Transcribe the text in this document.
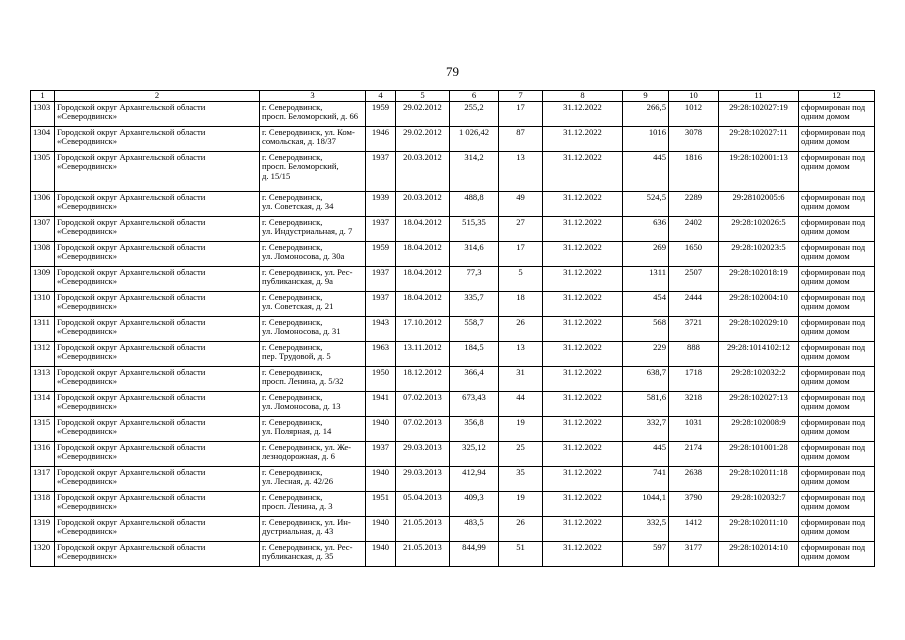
79
1	2	3	4	5	6	7	8	9	10	11	12
1303	Городской округ Архангельской области
«Северодвинск»	г. Северодвинск,
просп. Беломорский, д. 66	1959	29.02.2012	255,2	17	31.12.2022	266,5	1012	29:28:102027:19	сформирован под
одним домом
1304	Городской округ Архангельской области
«Северодвинск»	г. Северодвинск, ул. Ком-
сомольская, д. 18/37	1946	29.02.2012	1 026,42	87	31.12.2022	1016	3078	29:28:102027:11	сформирован под
одним домом
1305	Городской округ Архангельской области
«Северодвинск»	г. Северодвинск,
просп. Беломорский,
д. 15/15	1937	20.03.2012	314,2	13	31.12.2022	445	1816	19:28:102001:13	сформирован под
одним домом
1306	Городской округ Архангельской области
«Северодвинск»	г. Северодвинск,
ул. Советская, д. 34	1939	20.03.2012	488,8	49	31.12.2022	524,5	2289	29:28102005:6	сформирован под
одним домом
1307	Городской округ Архангельской области
«Северодвинск»	г. Северодвинск,
ул. Индустриальная, д. 7	1937	18.04.2012	515,35	27	31.12.2022	636	2402	29:28:102026:5	сформирован под
одним домом
1308	Городской округ Архангельской области
«Северодвинск»	г. Северодвинск,
ул. Ломоносова, д. 30а	1959	18.04.2012	314,6	17	31.12.2022	269	1650	29:28:102023:5	сформирован под
одним домом
1309	Городской округ Архангельской области
«Северодвинск»	г. Северодвинск, ул. Рес-
публиканская, д. 9а	1937	18.04.2012	77,3	5	31.12.2022	1311	2507	29:28:102018:19	сформирован под
одним домом
1310	Городской округ Архангельской области
«Северодвинск»	г. Северодвинск,
ул. Советская, д. 21	1937	18.04.2012	335,7	18	31.12.2022	454	2444	29:28:102004:10	сформирован под
одним домом
1311	Городской округ Архангельской области
«Северодвинск»	г. Северодвинск,
ул. Ломоносова, д. 31	1943	17.10.2012	558,7	26	31.12.2022	568	3721	29:28:102029:10	сформирован под
одним домом
1312	Городской округ Архангельской области
«Северодвинск»	г. Северодвинск,
пер. Трудовой, д. 5	1963	13.11.2012	184,5	13	31.12.2022	229	888	29:28:1014102:12	сформирован под
одним домом
1313	Городской округ Архангельской области
«Северодвинск»	г. Северодвинск,
просп. Ленина, д. 5/32	1950	18.12.2012	366,4	31	31.12.2022	638,7	1718	29:28:102032:2	сформирован под
одним домом
1314	Городской округ Архангельской области
«Северодвинск»	г. Северодвинск,
ул. Ломоносова, д. 13	1941	07.02.2013	673,43	44	31.12.2022	581,6	3218	29:28:102027:13	сформирован под
одним домом
1315	Городской округ Архангельской области
«Северодвинск»	г. Северодвинск,
ул. Полярная, д. 14	1940	07.02.2013	356,8	19	31.12.2022	332,7	1031	29:28:102008:9	сформирован под
одним домом
1316	Городской округ Архангельской области
«Северодвинск»	г. Северодвинск, ул. Же-
лезнодорожная, д. 6	1937	29.03.2013	325,12	25	31.12.2022	445	2174	29:28:101001:28	сформирован под
одним домом
1317	Городской округ Архангельской области
«Северодвинск»	г. Северодвинск,
ул. Лесная, д. 42/26	1940	29.03.2013	412,94	35	31.12.2022	741	2638	29:28:102011:18	сформирован под
одним домом
1318	Городской округ Архангельской области
«Северодвинск»	г. Северодвинск,
просп. Ленина, д. 3	1951	05.04.2013	409,3	19	31.12.2022	1044,1	3790	29:28:102032:7	сформирован под
одним домом
1319	Городской округ Архангельской области
«Северодвинск»	г. Северодвинск, ул. Ин-
дустриальная, д. 43	1940	21.05.2013	483,5	26	31.12.2022	332,5	1412	29:28:102011:10	сформирован под
одним домом
1320	Городской округ Архангельской области
«Северодвинск»	г. Северодвинск, ул. Рес-
публиканская, д. 35	1940	21.05.2013	844,99	51	31.12.2022	597	3177	29:28:102014:10	сформирован под
одним домом
